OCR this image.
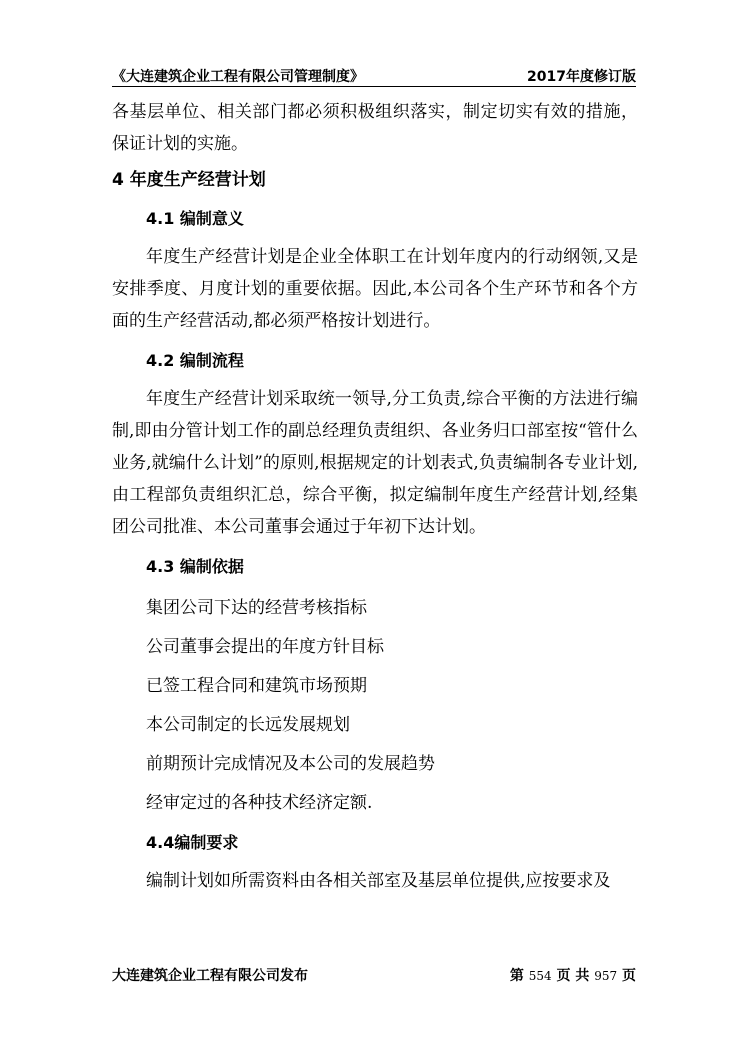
《大连建筑企业工程有限公司管理制度》	2017年度修订版

各基层单位、相关部门都必须积极组织落实，制定切实有效的措施，保证计划的实施。

4 年度生产经营计划
4.1 编制意义

年度生产经营计划是企业全体职工在计划年度内的行动纲领,又是安排季度、月度计划的重要依据。因此,本公司各个生产环节和各个方面的生产经营活动,都必须严格按计划进行。

4.2 编制流程

年度生产经营计划采取统一领导,分工负责,综合平衡的方法进行编制,即由分管计划工作的副总经理负责组织、各业务归口部室按“管什么业务,就编什么计划”的原则,根据规定的计划表式,负责编制各专业计划,由工程部负责组织汇总，综合平衡，拟定编制年度生产经营计划,经集团公司批准、本公司董事会通过于年初下达计划。

4.3 编制依据

集团公司下达的经营考核指标

公司董事会提出的年度方针目标

已签工程合同和建筑市场预期

本公司制定的长远发展规划

前期预计完成情况及本公司的发展趋势

经审定过的各种技术经济定额.

4.4编制要求

编制计划如所需资料由各相关部室及基层单位提供,应按要求及

大连建筑企业工程有限公司发布	第 554 页 共 957 页
